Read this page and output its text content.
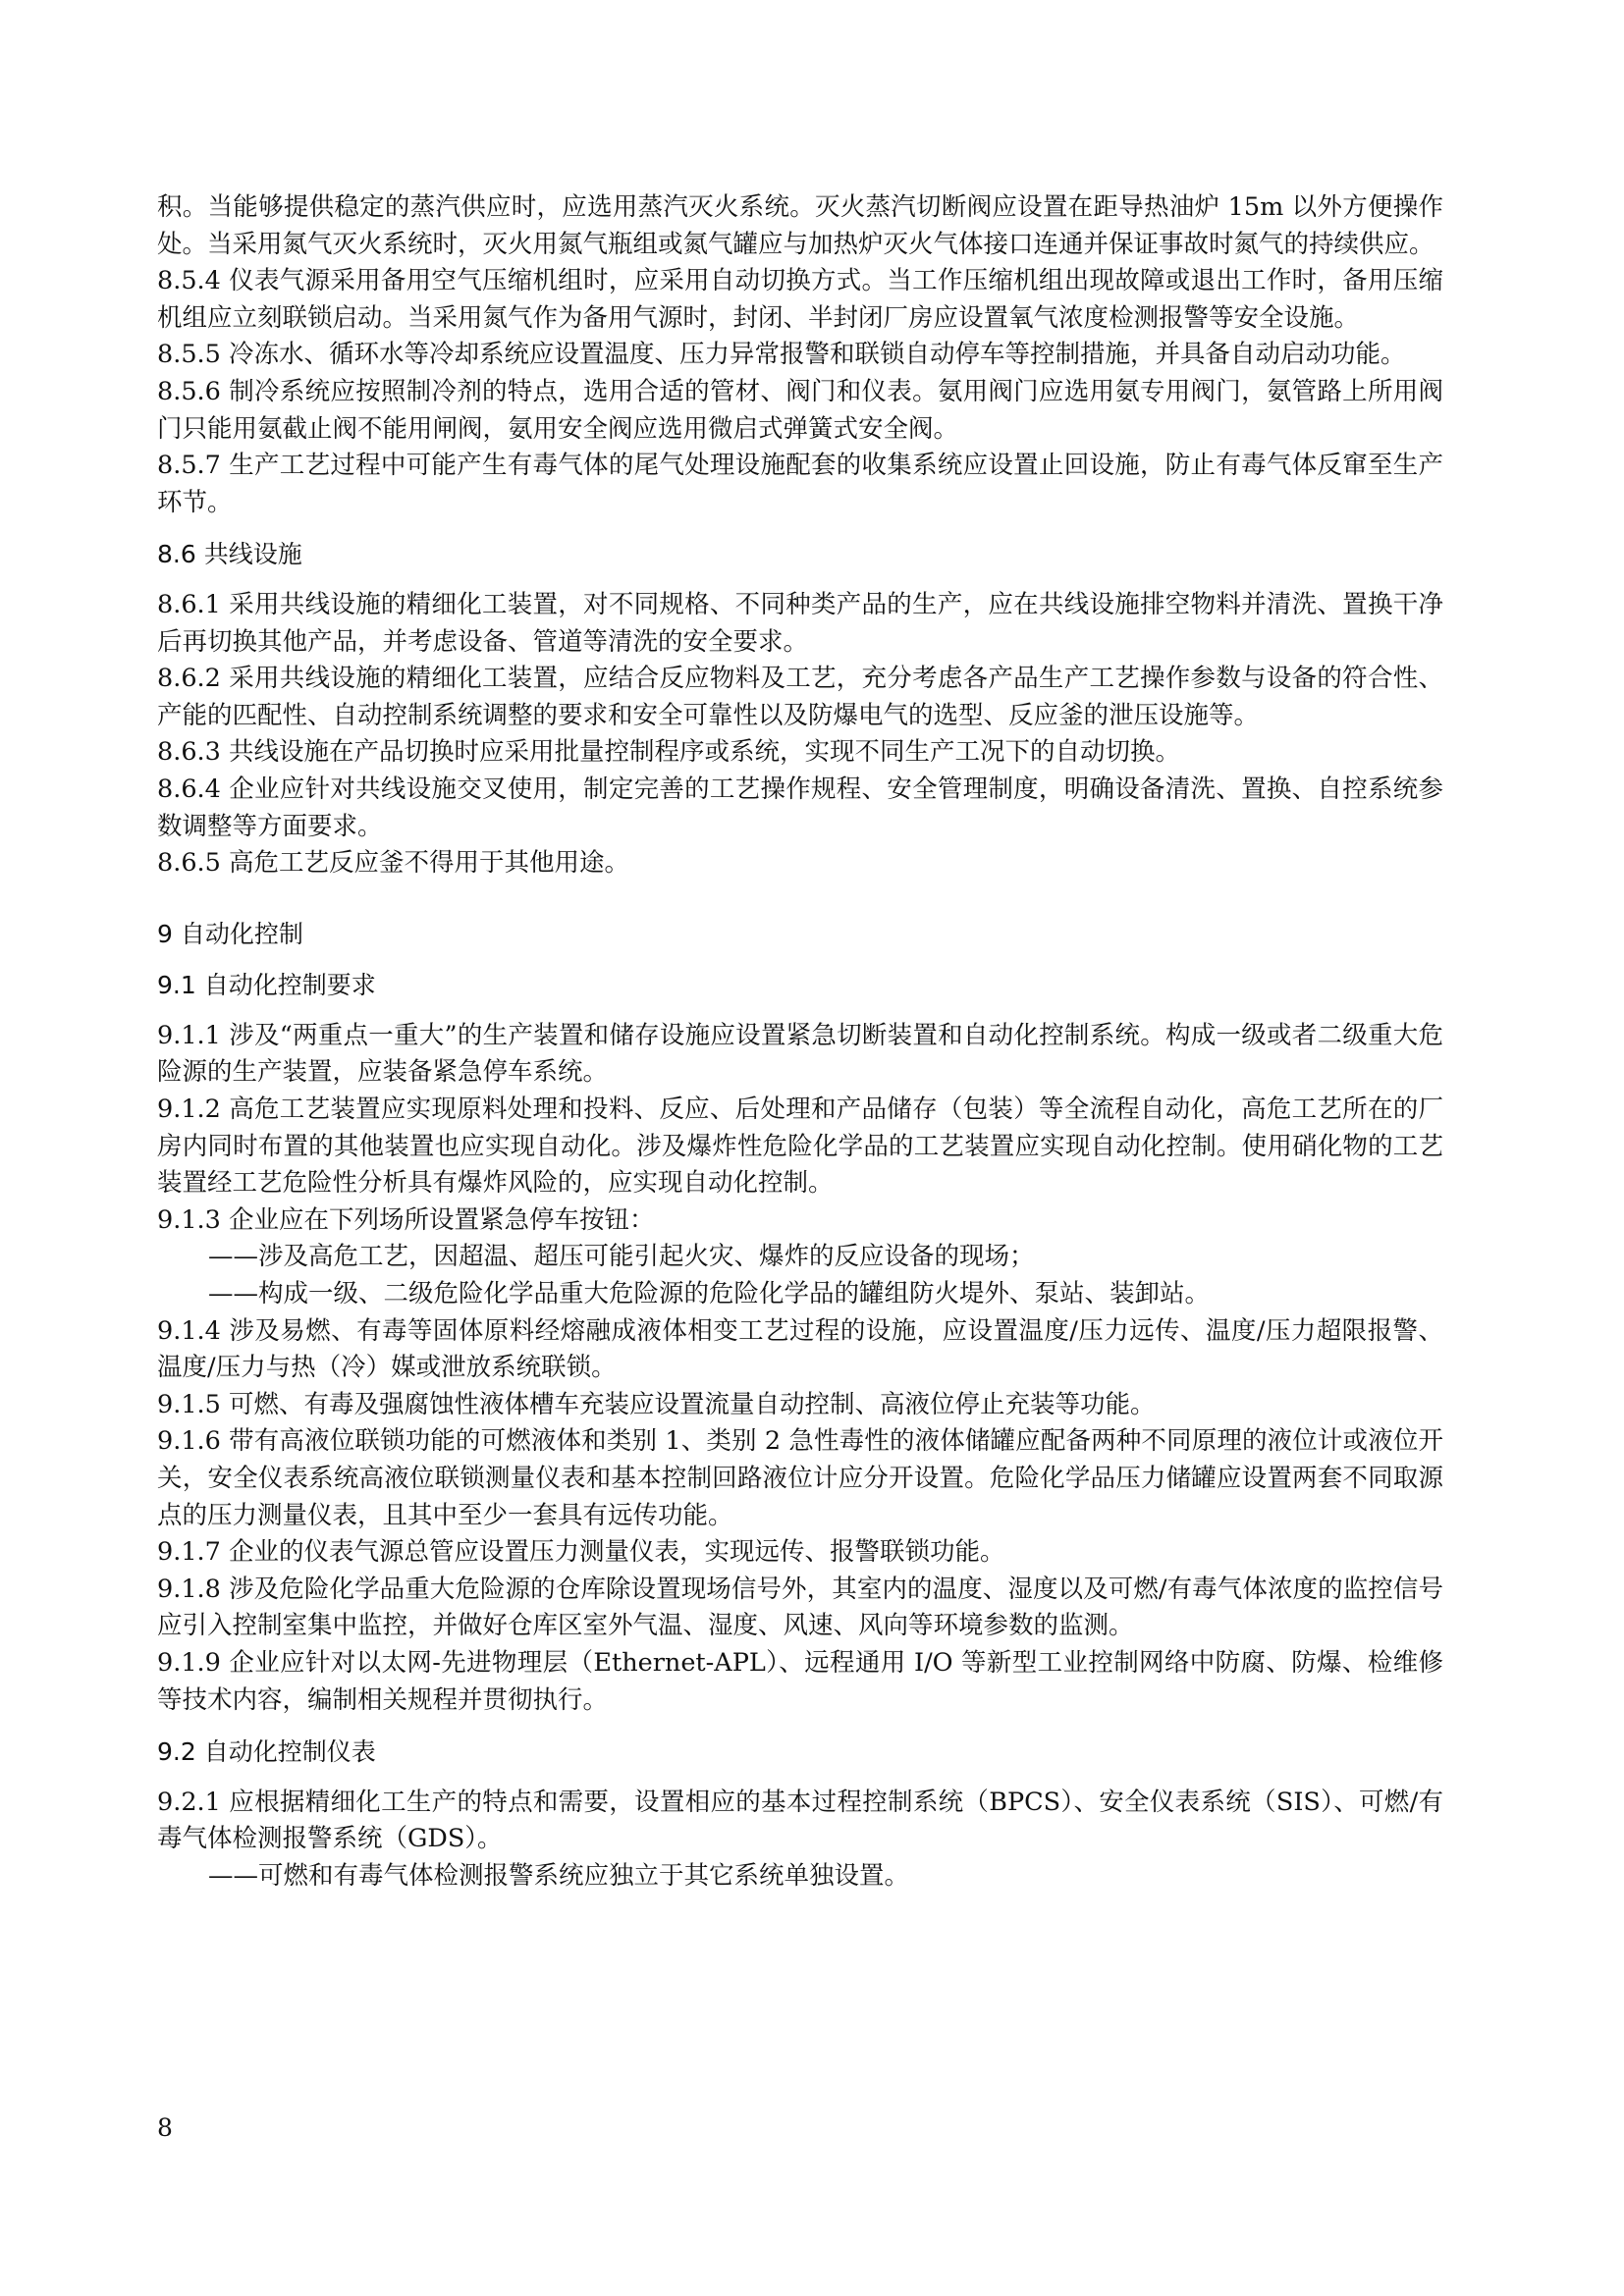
积。当能够提供稳定的蒸汽供应时，应选用蒸汽灭火系统。灭火蒸汽切断阀应设置在距导热油炉 15m 以外方便操作处。当采用氮气灭火系统时，灭火用氮气瓶组或氮气罐应与加热炉灭火气体接口连通并保证事故时氮气的持续供应。

8.5.4 仪表气源采用备用空气压缩机组时，应采用自动切换方式。当工作压缩机组出现故障或退出工作时，备用压缩机组应立刻联锁启动。当采用氮气作为备用气源时，封闭、半封闭厂房应设置氧气浓度检测报警等安全设施。

8.5.5 冷冻水、循环水等冷却系统应设置温度、压力异常报警和联锁自动停车等控制措施，并具备自动启动功能。

8.5.6 制冷系统应按照制冷剂的特点，选用合适的管材、阀门和仪表。氨用阀门应选用氨专用阀门，氨管路上所用阀门只能用氨截止阀不能用闸阀，氨用安全阀应选用微启式弹簧式安全阀。

8.5.7 生产工艺过程中可能产生有毒气体的尾气处理设施配套的收集系统应设置止回设施，防止有毒气体反窜至生产环节。

8.6 共线设施

8.6.1 采用共线设施的精细化工装置，对不同规格、不同种类产品的生产，应在共线设施排空物料并清洗、置换干净后再切换其他产品，并考虑设备、管道等清洗的安全要求。

8.6.2 采用共线设施的精细化工装置，应结合反应物料及工艺，充分考虑各产品生产工艺操作参数与设备的符合性、产能的匹配性、自动控制系统调整的要求和安全可靠性以及防爆电气的选型、反应釜的泄压设施等。

8.6.3 共线设施在产品切换时应采用批量控制程序或系统，实现不同生产工况下的自动切换。

8.6.4 企业应针对共线设施交叉使用，制定完善的工艺操作规程、安全管理制度，明确设备清洗、置换、自控系统参数调整等方面要求。

8.6.5 高危工艺反应釜不得用于其他用途。

9 自动化控制

9.1 自动化控制要求

9.1.1 涉及“两重点一重大”的生产装置和储存设施应设置紧急切断装置和自动化控制系统。构成一级或者二级重大危险源的生产装置，应装备紧急停车系统。

9.1.2 高危工艺装置应实现原料处理和投料、反应、后处理和产品储存（包装）等全流程自动化，高危工艺所在的厂房内同时布置的其他装置也应实现自动化。涉及爆炸性危险化学品的工艺装置应实现自动化控制。使用硝化物的工艺装置经工艺危险性分析具有爆炸风险的，应实现自动化控制。

9.1.3 企业应在下列场所设置紧急停车按钮：

——涉及高危工艺，因超温、超压可能引起火灾、爆炸的反应设备的现场；

——构成一级、二级危险化学品重大危险源的危险化学品的罐组防火堤外、泵站、装卸站。

9.1.4 涉及易燃、有毒等固体原料经熔融成液体相变工艺过程的设施，应设置温度/压力远传、温度/压力超限报警、温度/压力与热（冷）媒或泄放系统联锁。

9.1.5 可燃、有毒及强腐蚀性液体槽车充装应设置流量自动控制、高液位停止充装等功能。

9.1.6 带有高液位联锁功能的可燃液体和类别 1、类别 2 急性毒性的液体储罐应配备两种不同原理的液位计或液位开关，安全仪表系统高液位联锁测量仪表和基本控制回路液位计应分开设置。危险化学品压力储罐应设置两套不同取源点的压力测量仪表，且其中至少一套具有远传功能。

9.1.7 企业的仪表气源总管应设置压力测量仪表，实现远传、报警联锁功能。

9.1.8 涉及危险化学品重大危险源的仓库除设置现场信号外，其室内的温度、湿度以及可燃/有毒气体浓度的监控信号应引入控制室集中监控，并做好仓库区室外气温、湿度、风速、风向等环境参数的监测。

9.1.9 企业应针对以太网-先进物理层（Ethernet-APL）、远程通用 I/O 等新型工业控制网络中防腐、防爆、检维修等技术内容，编制相关规程并贯彻执行。

9.2 自动化控制仪表

9.2.1 应根据精细化工生产的特点和需要，设置相应的基本过程控制系统（BPCS）、安全仪表系统（SIS）、可燃/有毒气体检测报警系统（GDS）。

——可燃和有毒气体检测报警系统应独立于其它系统单独设置。

8
